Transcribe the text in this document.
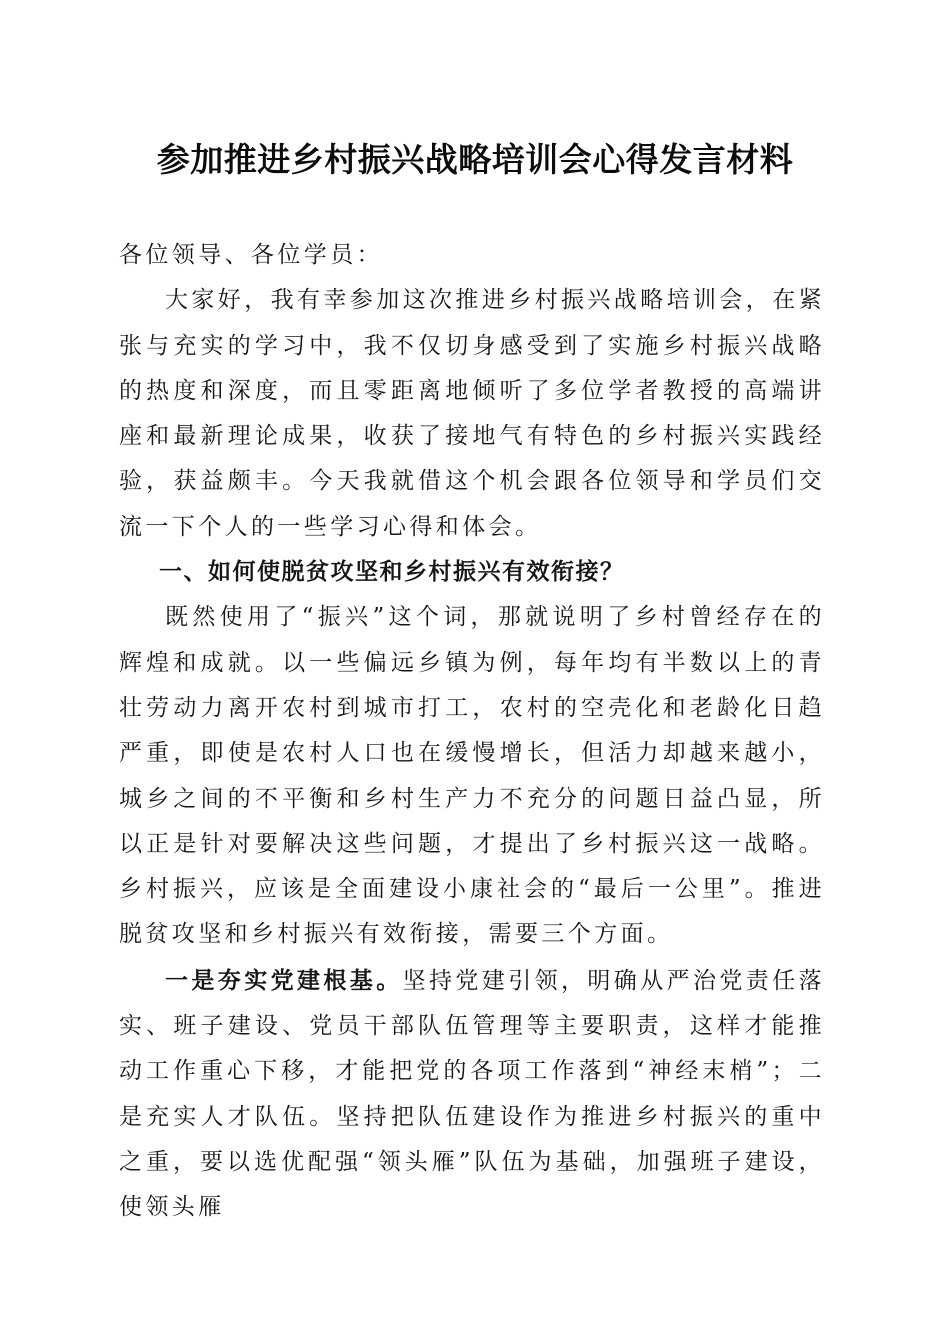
参加推进乡村振兴战略培训会心得发言材料

各位领导、各位学员：

大家好，我有幸参加这次推进乡村振兴战略培训会，在紧张与充实的学习中，我不仅切身感受到了实施乡村振兴战略的热度和深度，而且零距离地倾听了多位学者教授的高端讲座和最新理论成果，收获了接地气有特色的乡村振兴实践经验，获益颇丰。今天我就借这个机会跟各位领导和学员们交流一下个人的一些学习心得和体会。

一、如何使脱贫攻坚和乡村振兴有效衔接？

既然使用了“振兴”这个词，那就说明了乡村曾经存在的辉煌和成就。以一些偏远乡镇为例，每年均有半数以上的青壮劳动力离开农村到城市打工，农村的空壳化和老龄化日趋严重，即使是农村人口也在缓慢增长，但活力却越来越小，城乡之间的不平衡和乡村生产力不充分的问题日益凸显，所以正是针对要解决这些问题，才提出了乡村振兴这一战略。乡村振兴，应该是全面建设小康社会的“最后一公里”。推进脱贫攻坚和乡村振兴有效衔接，需要三个方面。

一是夯实党建根基。坚持党建引领，明确从严治党责任落实、班子建设、党员干部队伍管理等主要职责，这样才能推动工作重心下移，才能把党的各项工作落到“神经末梢”；二是充实人才队伍。坚持把队伍建设作为推进乡村振兴的重中之重，要以选优配强“领头雁”队伍为基础，加强班子建设，使领头雁
